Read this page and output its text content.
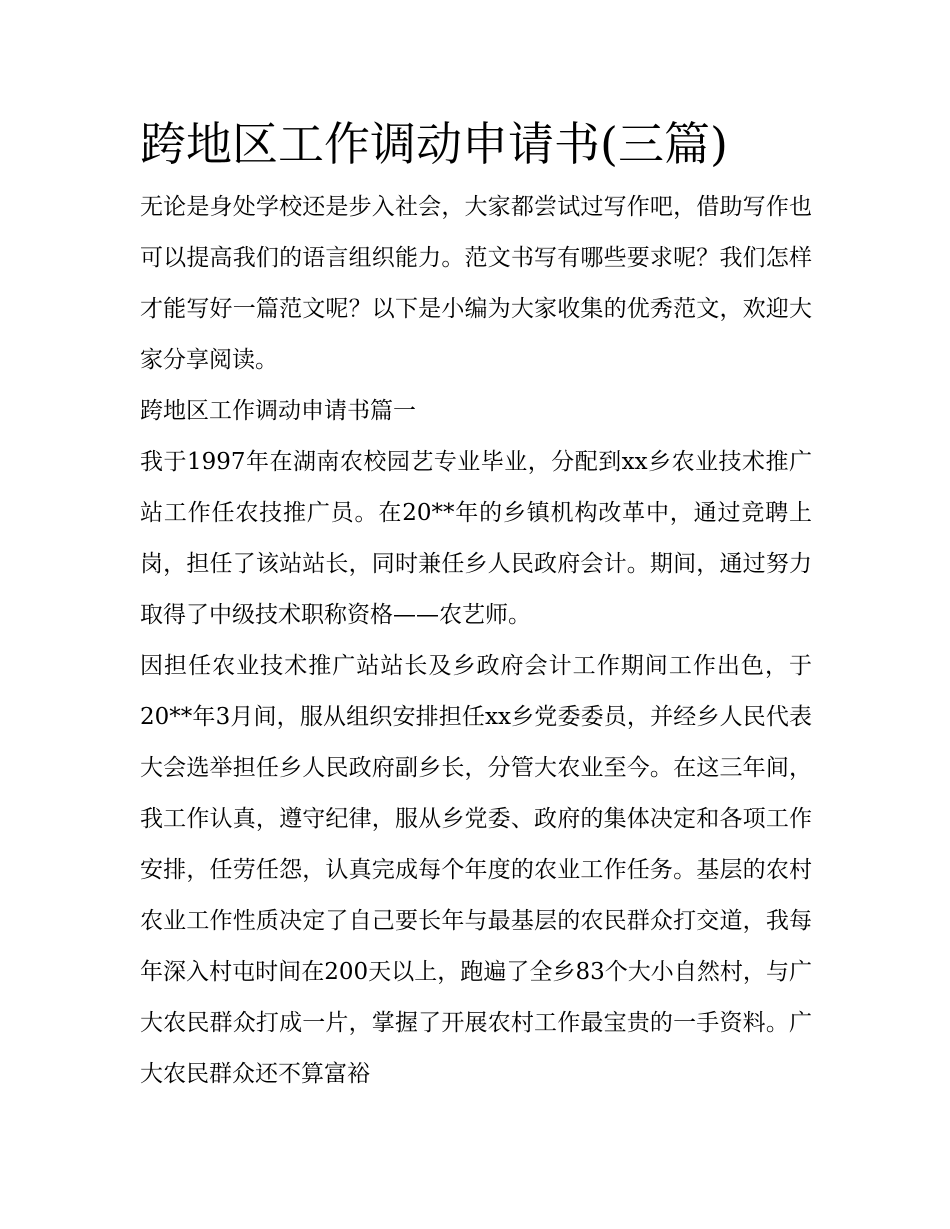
跨地区工作调动申请书(三篇)

无论是身处学校还是步入社会，大家都尝试过写作吧，借助写作也可以提高我们的语言组织能力。范文书写有哪些要求呢？我们怎样才能写好一篇范文呢？以下是小编为大家收集的优秀范文，欢迎大家分享阅读。

跨地区工作调动申请书篇一

我于1997年在湖南农校园艺专业毕业，分配到xx乡农业技术推广站工作任农技推广员。在20**年的乡镇机构改革中，通过竞聘上岗，担任了该站站长，同时兼任乡人民政府会计。期间，通过努力取得了中级技术职称资格——农艺师。

因担任农业技术推广站站长及乡政府会计工作期间工作出色，于20**年3月间，服从组织安排担任xx乡党委委员，并经乡人民代表大会选举担任乡人民政府副乡长，分管大农业至今。在这三年间，我工作认真，遵守纪律，服从乡党委、政府的集体决定和各项工作安排，任劳任怨，认真完成每个年度的农业工作任务。基层的农村农业工作性质决定了自己要长年与最基层的农民群众打交道，我每年深入村屯时间在200天以上，跑遍了全乡83个大小自然村，与广大农民群众打成一片，掌握了开展农村工作最宝贵的一手资料。广大农民群众还不算富裕
